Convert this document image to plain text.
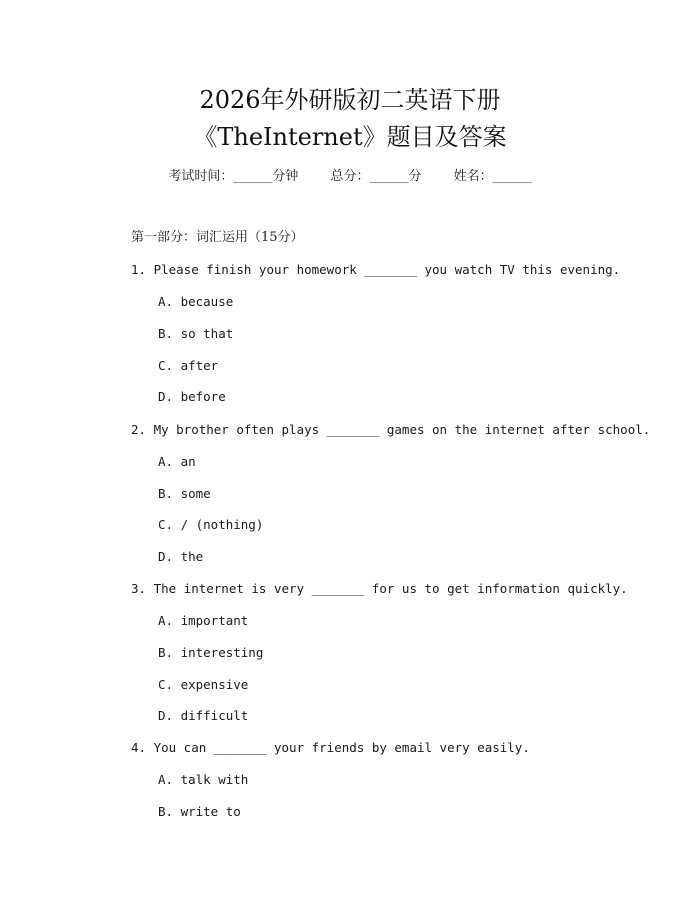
2026年外研版初二英语下册
《TheInternet》题目及答案
考试时间：______分钟 总分：______分 姓名：______
第一部分：词汇运用（15分）
1. Please finish your homework _______ you watch TV this evening.
A. because
B. so that
C. after
D. before
2. My brother often plays _______ games on the internet after school.
A. an
B. some
C. / (nothing)
D. the
3. The internet is very _______ for us to get information quickly.
A. important
B. interesting
C. expensive
D. difficult
4. You can _______ your friends by email very easily.
A. talk with
B. write to
